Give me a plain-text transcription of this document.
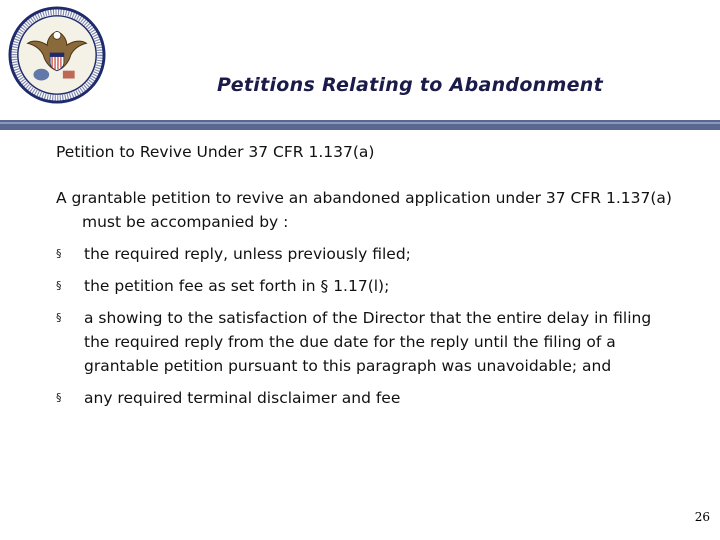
Petitions Relating to Abandonment

Petition to Revive Under 37 CFR 1.137(a)

A grantable petition to revive an abandoned application under 37 CFR 1.137(a) must be accompanied by :

§ the required reply, unless previously filed;
§ the petition fee as set forth in § 1.17(l);
§ a showing to the satisfaction of the Director that the entire delay in filing the required reply from the due date for the reply until the filing of a grantable petition pursuant to this paragraph was unavoidable; and
§ any required terminal disclaimer and fee
26
